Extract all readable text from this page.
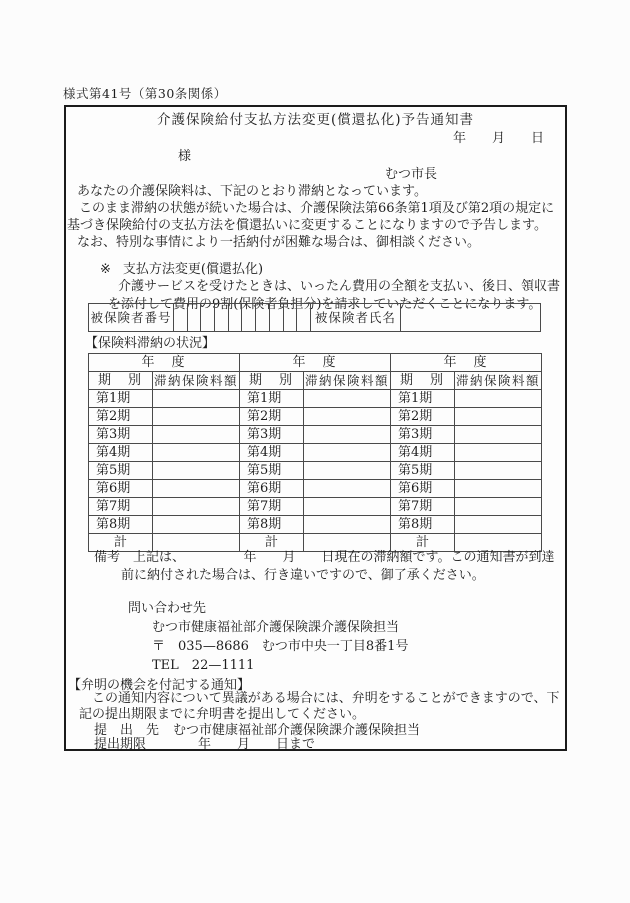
様式第41号（第30条関係）
介護保険給付支払方法変更(償還払化)予告通知書
年　　月　　日
様
むつ市長
あなたの介護保険料は、下記のとおり滞納となっています。
このまま滞納の状態が続いた場合は、介護保険法第66条第1項及び第2項の規定に基づき保険給付の支払方法を償還払いに変更することになりますので予告します。
なお、特別な事情により一括納付が困難な場合は、御相談ください。
※ 支払方法変更(償還払化)
介護サービスを受けたときは、いったん費用の全額を支払い、後日、領収書を添付して費用の9割(保険者負担分)を請求していただくことになります。
被保険者番号											被保険者氏名	
【保険料滞納の状況】
年　度		年　度		年　度	
期　別	滞納保険料額	期　別	滞納保険料額	期　別	滞納保険料額
第1期		第1期		第1期	
第2期		第2期		第2期	
第3期		第3期		第3期	
第4期		第4期		第4期	
第5期		第5期		第5期	
第6期		第6期		第6期	
第7期		第7期		第7期	
第8期		第8期		第8期	
計		計		計	
備考 上記は、　　　　　年　　月　　日現在の滞納額です。この通知書が到達前に納付された場合は、行き違いですので、御了承ください。
問い合わせ先
むつ市健康福祉部介護保険課介護保険担当
〒　035—8686　むつ市中央一丁目8番1号
TEL　22—1111
【弁明の機会を付記する通知】
この通知内容について異議がある場合には、弁明をすることができますので、下記の提出期限までに弁明書を提出してください。
提　出　先 むつ市健康福祉部介護保険課介護保険担当
提出期限	年　　月　　日まで
